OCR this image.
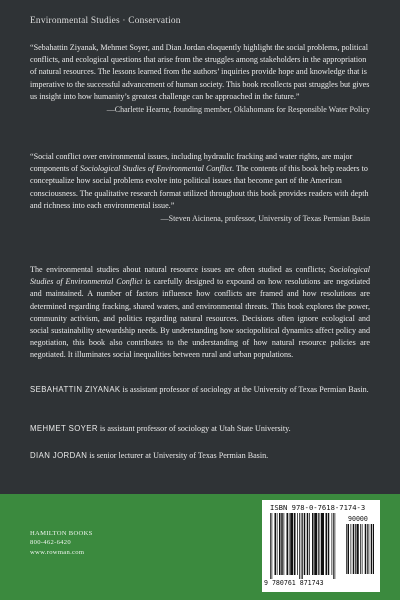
Environmental Studies · Conservation

“Sebahattin Ziyanak, Mehmet Soyer, and Dian Jordan eloquently highlight the social problems, political conflicts, and ecological questions that arise from the struggles among stakeholders in the appropriation of natural resources. The lessons learned from the authors’ inquiries provide hope and knowledge that is imperative to the successful advancement of human society. This book recollects past struggles but gives us insight into how humanity’s greatest challenge can be approached in the future.”

—Charlette Hearne, founding member, Oklahomans for Responsible Water Policy

“Social conflict over environmental issues, including hydraulic fracking and water rights, are major components of Sociological Studies of Environmental Conflict. The contents of this book help readers to conceptualize how social problems evolve into political issues that become part of the American consciousness. The qualitative research format utilized throughout this book provides readers with depth and richness into each environmental issue.”

—Steven Aicinena, professor, University of Texas Permian Basin
The environmental studies about natural resource issues are often studied as conflicts; Sociological Studies of Environmental Conflict is carefully designed to expound on how resolutions are negotiated and maintained. A number of factors influence how conflicts are framed and how resolutions are determined regarding fracking, shared waters, and environmental threats. This book explores the power, community activism, and politics regarding natural resources. Decisions often ignore ecological and social sustainability stewardship needs. By understanding how sociopolitical dynamics affect policy and negotiation, this book also contributes to the understanding of how natural resource policies are negotiated. It illuminates social inequalities between rural and urban populations.
SEBAHATTIN ZIYANAK is assistant professor of sociology at the University of Texas Permian Basin.
MEHMET SOYER is assistant professor of sociology at Utah State University.
DIAN JORDAN is senior lecturer at University of Texas Permian Basin.
HAMILTON BOOKS
800-462-6420
www.rowman.com
ISBN 978-0-7618-7174-3
90000
9 780761 871743
